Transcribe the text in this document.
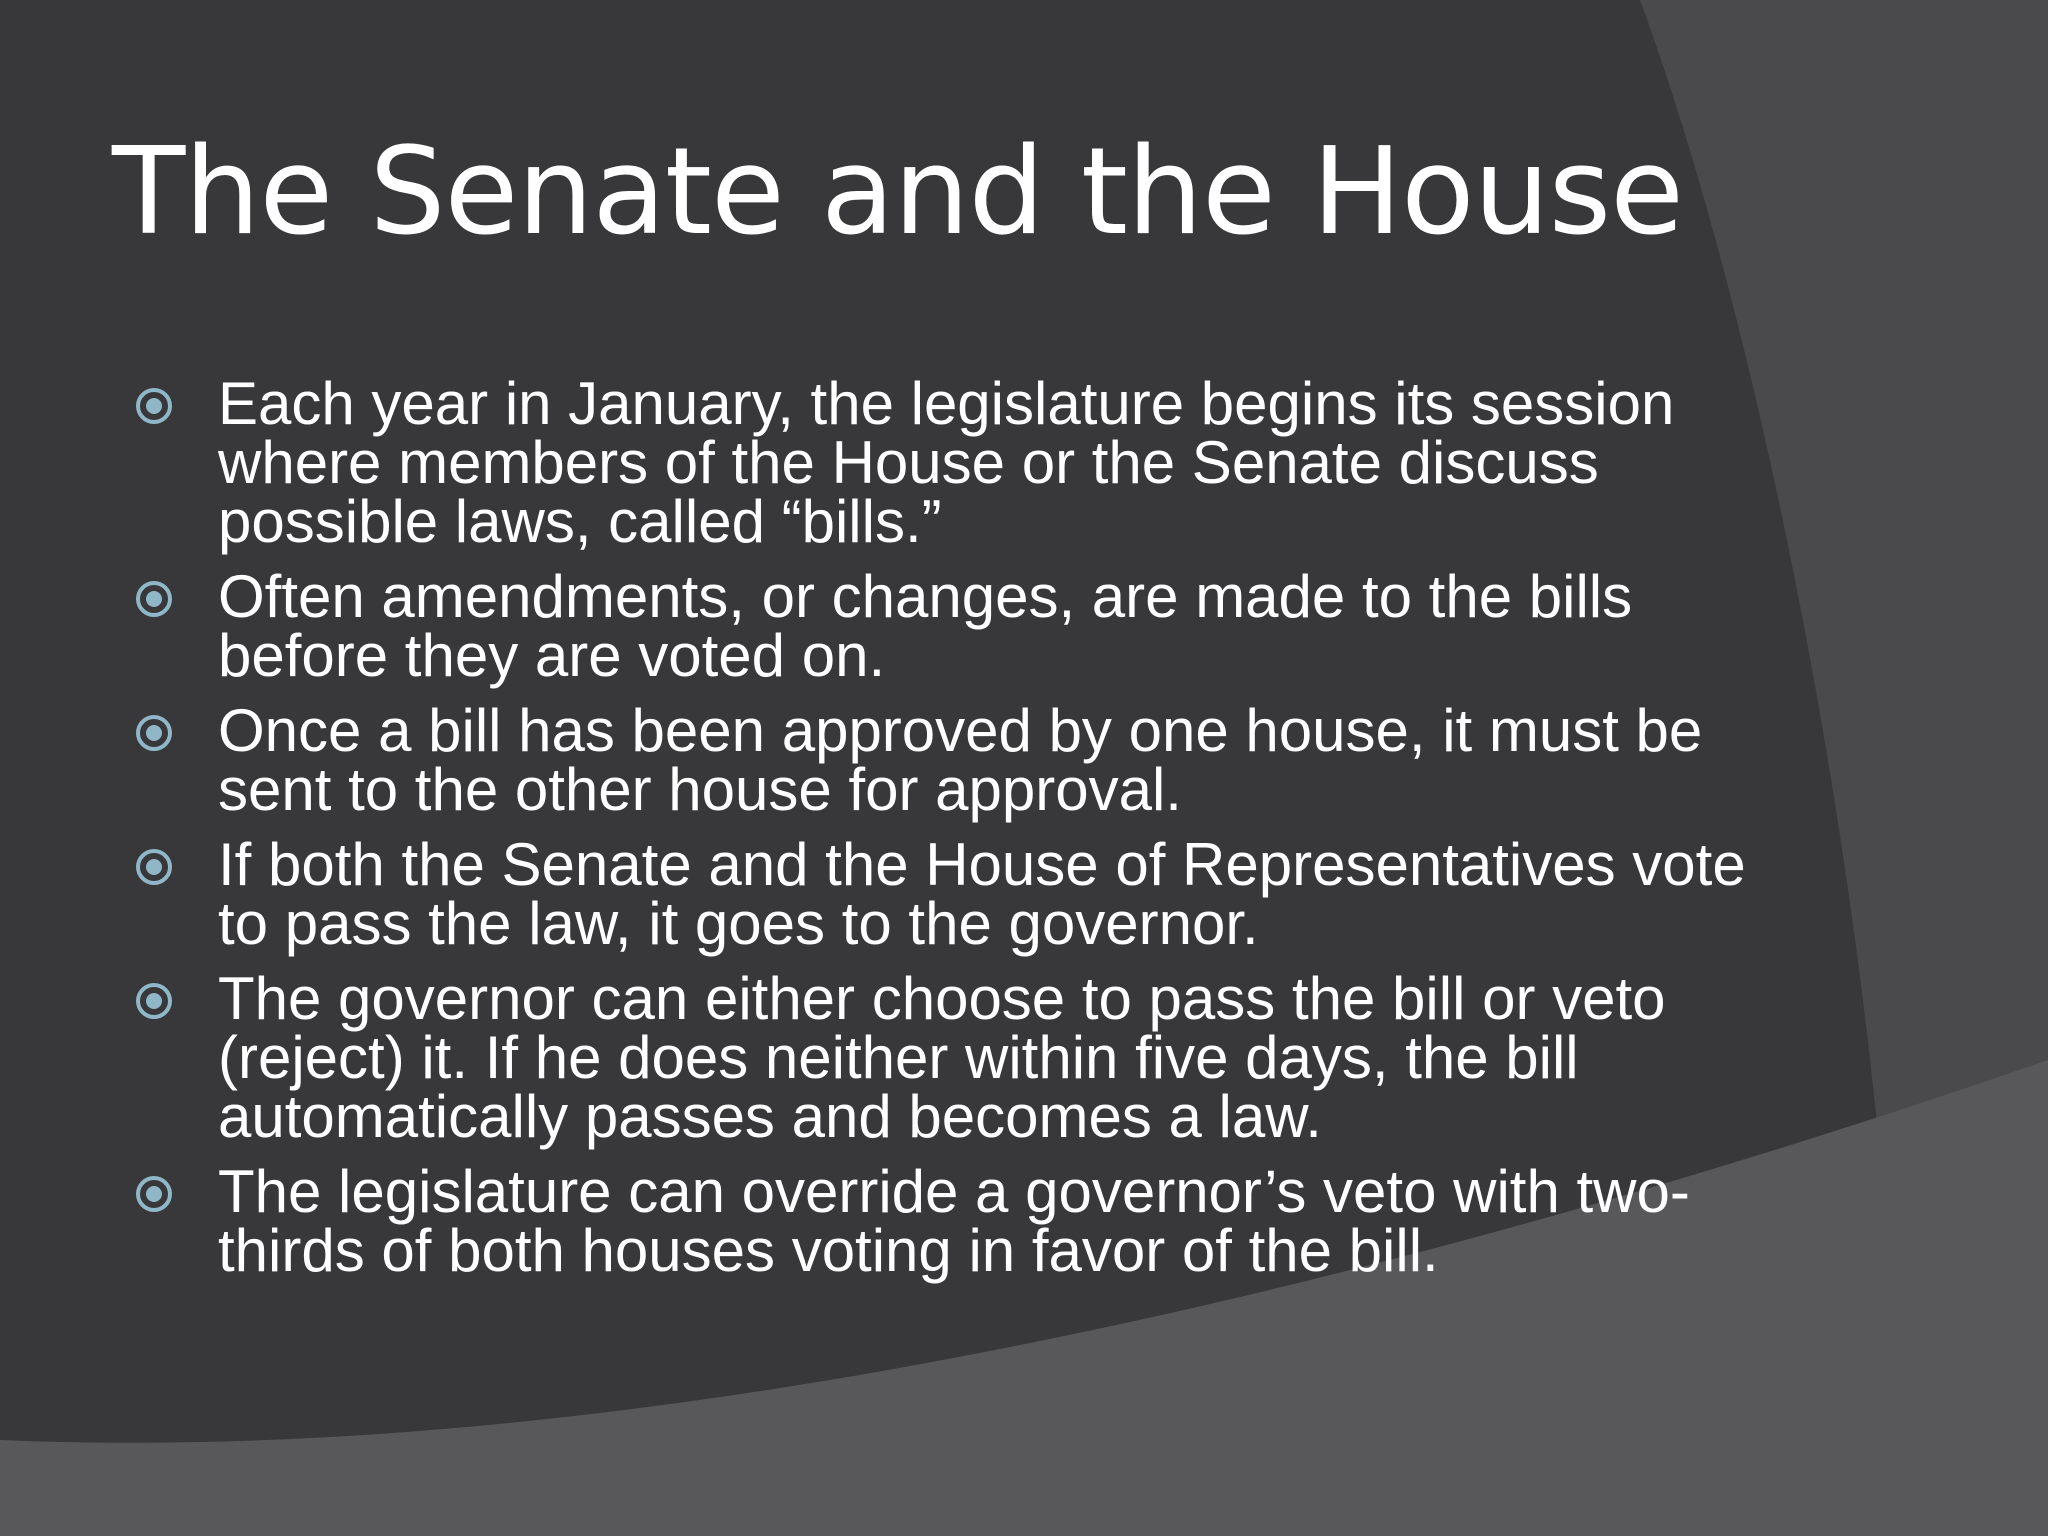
The Senate and the House
Each year in January, the legislature begins its session where members of the House or the Senate discuss possible laws, called “bills.”
Often amendments, or changes, are made to the bills before they are voted on.
Once a bill has been approved by one house, it must be sent to the other house for approval.
If both the Senate and the House of Representatives vote to pass the law, it goes to the governor.
The governor can either choose to pass the bill or veto (reject) it. If he does neither within five days, the bill automatically passes and becomes a law.
The legislature can override a governor’s veto with two-thirds of both houses voting in favor of the bill.
